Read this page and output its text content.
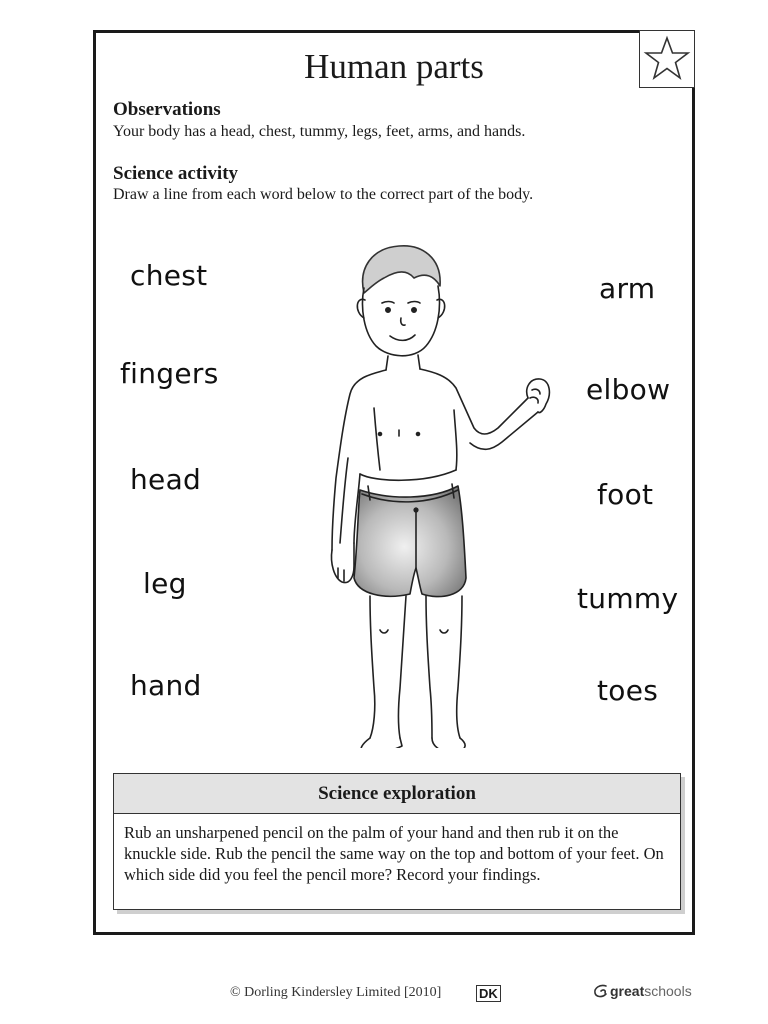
Human parts
Observations
Your body has a head, chest, tummy, legs, feet, arms, and hands.
Science activity
Draw a line from each word below to the correct part of the body.
chest
fingers
head
leg
hand
arm
elbow
foot
tummy
toes
Science exploration
Rub an unsharpened pencil on the palm of your hand and then rub it on the knuckle side. Rub the pencil the same way on the top and bottom of your feet. On which side did you feel the pencil more? Record your findings.
© Dorling Kindersley Limited [2010]	DK	greatschools
